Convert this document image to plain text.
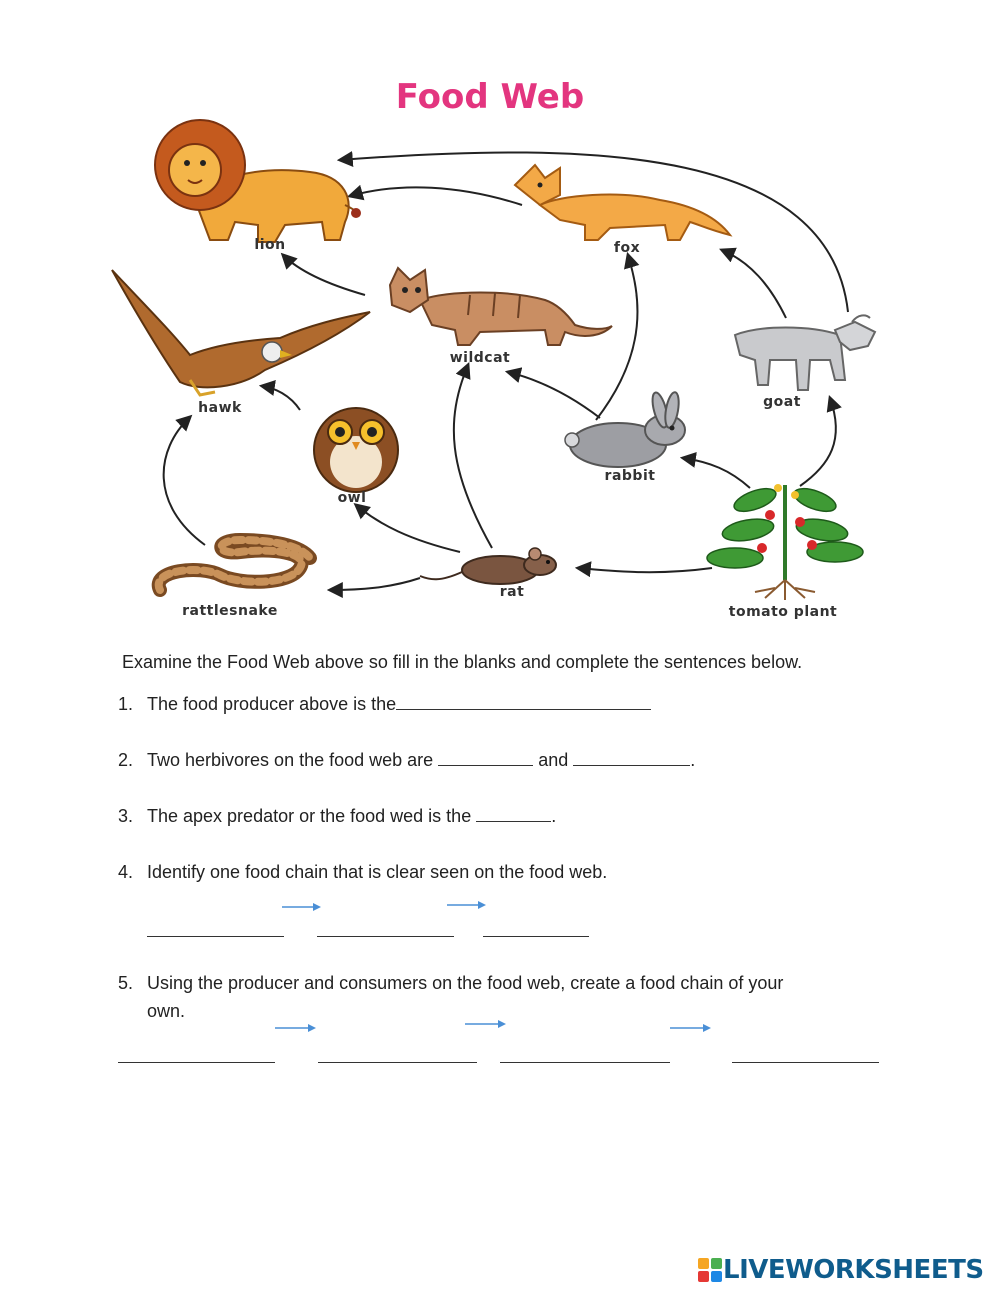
Food Web
lion	fox
hawk
wildcat
goat
owl
rabbit
rattlesnake
rat
tomato plant
Examine the Food Web above so fill in the blanks and complete the sentences below.
1. The food producer above is the
2. Two herbivores on the food web are	and	.
3. The apex predator or the food wed is the	.
4. Identify one food chain that is clear seen on the food web.
5. Using the producer and consumers on the food web, create a food chain of your
own.
LIVEWORKSHEETS
